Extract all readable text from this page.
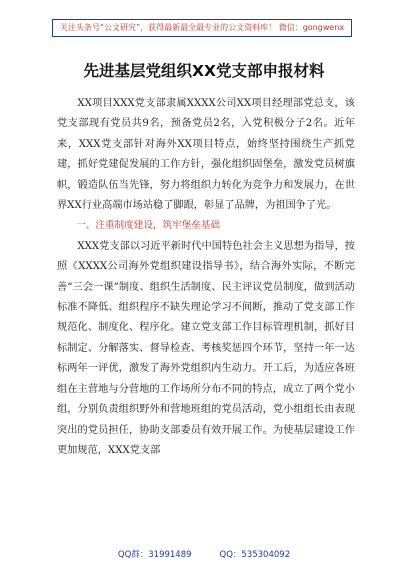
关注头条号“公文研究”，获得最新最全最专业的公文资料库！ 微信：gongwenx
先进基层党组织XX党支部申报材料

XX项目XXX党支部隶属XXXX公司XX项目经理部党总支，该党支部现有党员共9名，预备党员2名，入党积极分子2名。近年来，XXX党支部针对海外XX项目特点，始终坚持围绕生产抓党建，抓好党建促发展的工作方针，强化组织固堡垒，激发党员树旗帜，锻造队伍当先锋，努力将组织力转化为竞争力和发展力，在世界XX行业高端市场站稳了脚跟，彰显了品牌，为祖国争了光。

一、注重制度建设，筑牢堡垒基础

XXX党支部以习近平新时代中国特色社会主义思想为指导，按照《XXXX公司海外党组织建设指导书》，结合海外实际，不断完善“三会一课”制度、组织生活制度、民主评议党员制度，做到活动标准不降低、组织程序不缺失理论学习不间断，推动了党支部工作规范化、制度化、程序化。建立党支部工作目标管理机制，抓好目标制定、分解落实、督导检查、考核奖惩四个环节，坚持一年一达标两年一评优，激发了海外党组织内生动力。开工后，为适应各班组在主营地与分营地的工作场所分布不同的特点，成立了两个党小组，分别负责组织野外和营地班组的党员活动，党小组组长由表现突出的党员担任，协助支部委员有效开展工作。为使基层建设工作更加规范，XXX党支部

QQ群：31991489	QQ：535304092
